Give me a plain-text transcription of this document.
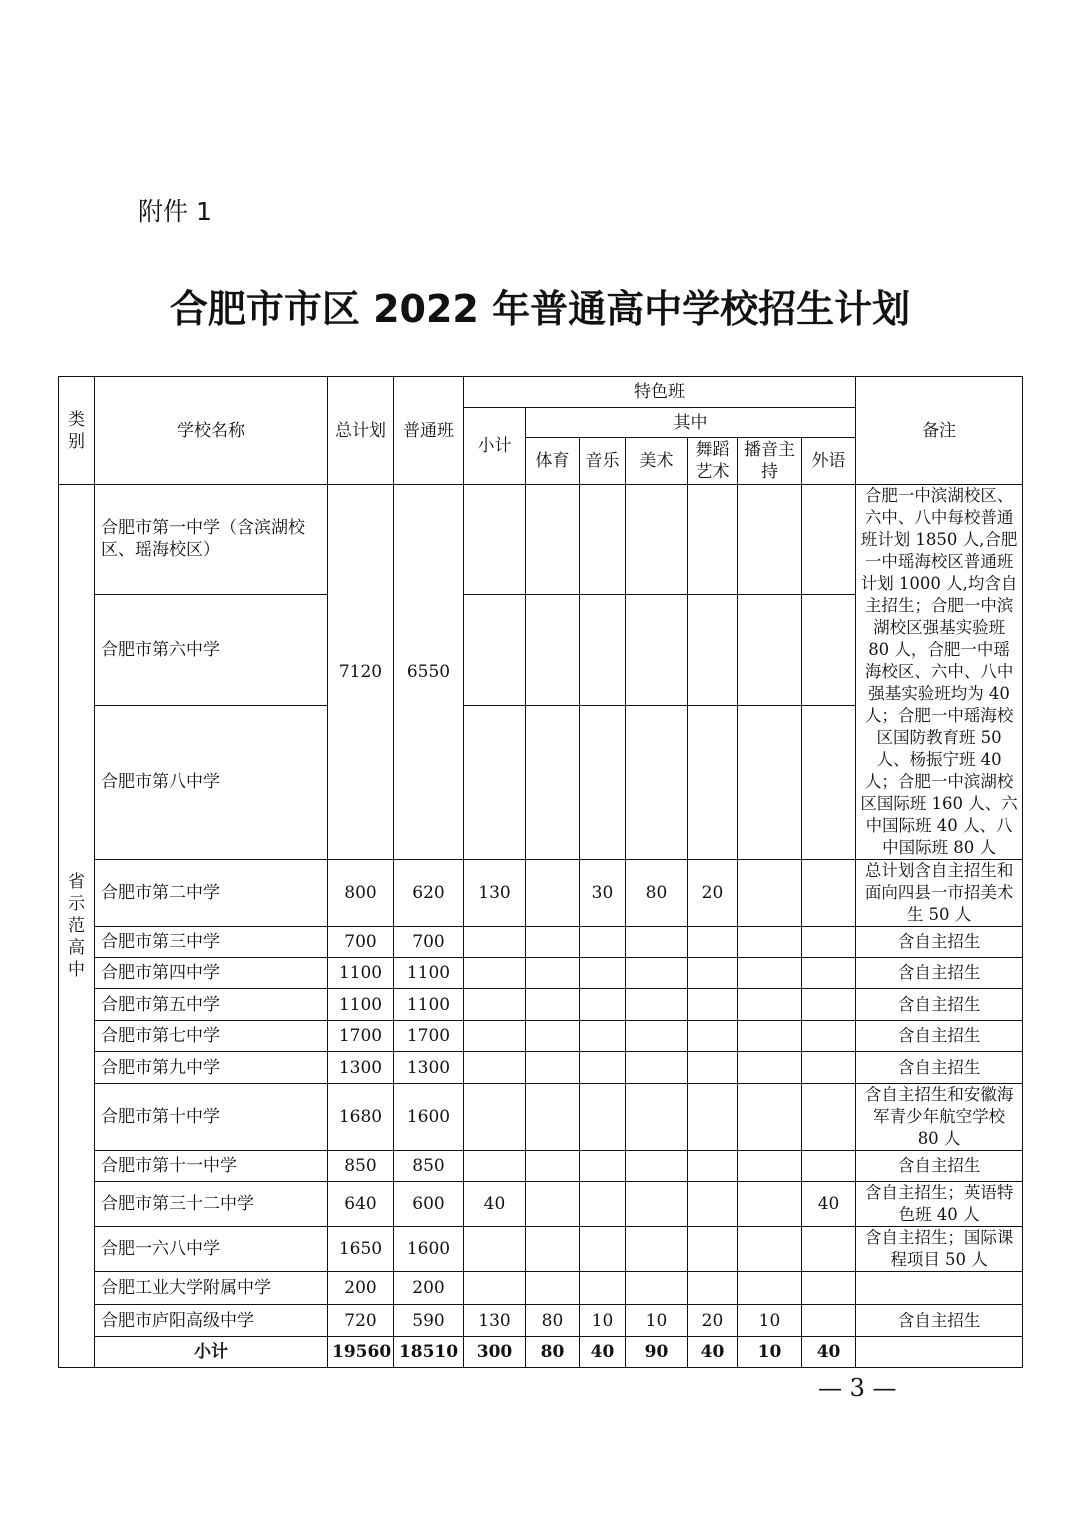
附件 1
合肥市市区 2022 年普通高中学校招生计划
类别	学校名称	总计划	普通班	特色班							备注
				小计	其中						
					体育	音乐	美术	舞蹈艺术	播音主持	外语	
省示范高中	合肥市第一中学（含滨湖校区、瑶海校区）	7120	6550								合肥一中滨湖校区、六中、八中每校普通班计划 1850 人,合肥一中瑶海校区普通班计划 1000 人,均含自主招生；合肥一中滨湖校区强基实验班 80 人，合肥一中瑶海校区、六中、八中强基实验班均为 40 人；合肥一中瑶海校区国防教育班 50 人、杨振宁班 40 人；合肥一中滨湖校区国际班 160 人、六中国际班 40 人、八中国际班 80 人
	合肥市第六中学										
	合肥市第八中学										
	合肥市第二中学	800	620	130		30	80	20			总计划含自主招生和面向四县一市招美术生 50 人
	合肥市第三中学	700	700								含自主招生
	合肥市第四中学	1100	1100								含自主招生
	合肥市第五中学	1100	1100								含自主招生
	合肥市第七中学	1700	1700								含自主招生
	合肥市第九中学	1300	1300								含自主招生
	合肥市第十中学	1680	1600								含自主招生和安徽海军青少年航空学校 80 人
	合肥市第十一中学	850	850								含自主招生
	合肥市第三十二中学	640	600	40						40	含自主招生；英语特色班 40 人
	合肥一六八中学	1650	1600								含自主招生；国际课程项目 50 人
	合肥工业大学附属中学	200	200								
	合肥市庐阳高级中学	720	590	130	80	10	10	20	10		含自主招生
	小计	19560	18510	300	80	40	90	40	10	40	
— 3 —
